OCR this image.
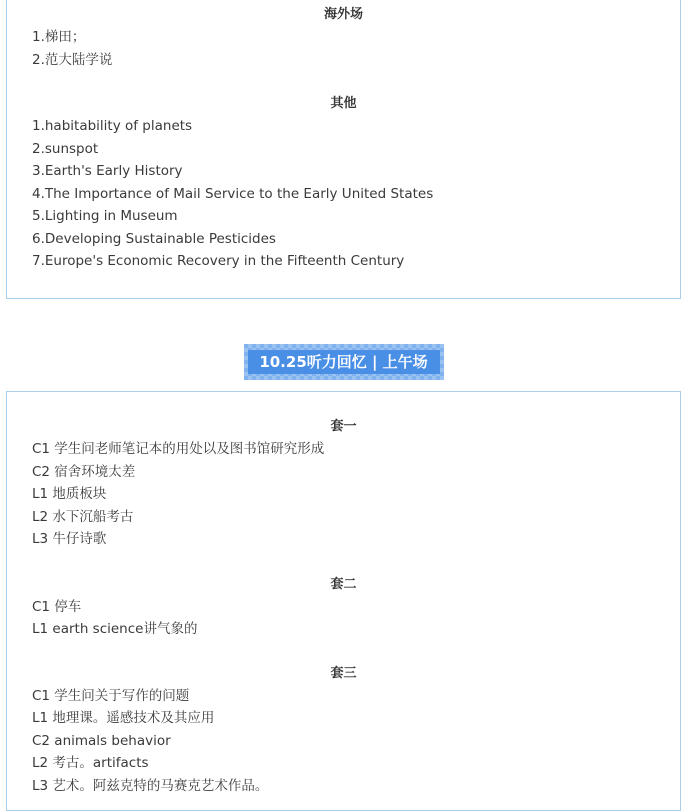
海外场
1.梯田；
2.范大陆学说
其他
1.habitability of planets
2.sunspot
3.Earth's Early History
4.The Importance of Mail Service to the Early United States
5.Lighting in Museum
6.Developing Sustainable Pesticides
7.Europe's Economic Recovery in the Fifteenth Century
10.25听力回忆 | 上午场
套一
C1 学生问老师笔记本的用处以及图书馆研究形成
C2 宿舍环境太差
L1 地质板块
L2 水下沉船考古
L3 牛仔诗歌
套二
C1 停车
L1 earth science讲气象的
套三
C1 学生问关于写作的问题
L1 地理课。遥感技术及其应用
C2 animals behavior
L2 考古。artifacts
L3 艺术。阿兹克特的马赛克艺术作品。
